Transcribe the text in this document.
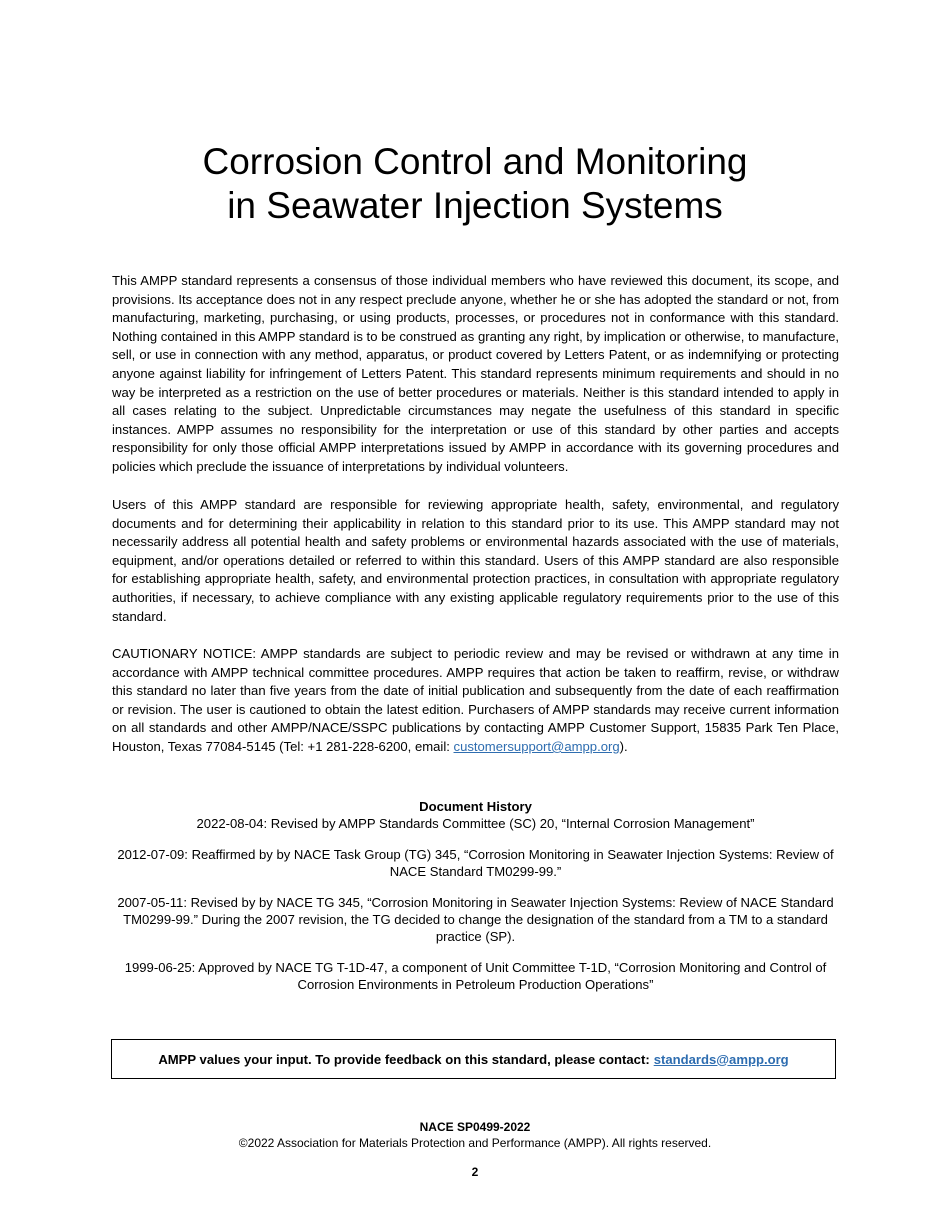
Corrosion Control and Monitoring
in Seawater Injection Systems
This AMPP standard represents a consensus of those individual members who have reviewed this document, its scope, and provisions. Its acceptance does not in any respect preclude anyone, whether he or she has adopted the standard or not, from manufacturing, marketing, purchasing, or using products, processes, or procedures not in conformance with this standard. Nothing contained in this AMPP standard is to be construed as granting any right, by implication or otherwise, to manufacture, sell, or use in connection with any method, apparatus, or product covered by Letters Patent, or as indemnifying or protecting anyone against liability for infringement of Letters Patent. This standard represents minimum requirements and should in no way be interpreted as a restriction on the use of better procedures or materials. Neither is this standard intended to apply in all cases relating to the subject. Unpredictable circumstances may negate the usefulness of this standard in specific instances. AMPP assumes no responsibility for the interpretation or use of this standard by other parties and accepts responsibility for only those official AMPP interpretations issued by AMPP in accordance with its governing procedures and policies which preclude the issuance of interpretations by individual volunteers.
Users of this AMPP standard are responsible for reviewing appropriate health, safety, environmental, and regulatory documents and for determining their applicability in relation to this standard prior to its use. This AMPP standard may not necessarily address all potential health and safety problems or environmental hazards associated with the use of materials, equipment, and/or operations detailed or referred to within this standard. Users of this AMPP standard are also responsible for establishing appropriate health, safety, and environmental protection practices, in consultation with appropriate regulatory authorities, if necessary, to achieve compliance with any existing applicable regulatory requirements prior to the use of this standard.
CAUTIONARY NOTICE: AMPP standards are subject to periodic review and may be revised or withdrawn at any time in accordance with AMPP technical committee procedures. AMPP requires that action be taken to reaffirm, revise, or withdraw this standard no later than five years from the date of initial publication and subsequently from the date of each reaffirmation or revision. The user is cautioned to obtain the latest edition. Purchasers of AMPP standards may receive current information on all standards and other AMPP/NACE/SSPC publications by contacting AMPP Customer Support, 15835 Park Ten Place, Houston, Texas 77084-5145 (Tel: +1 281-228-6200, email: customersupport@ampp.org).
Document History
2022-08-04: Revised by AMPP Standards Committee (SC) 20, “Internal Corrosion Management”
2012-07-09: Reaffirmed by by NACE Task Group (TG) 345, “Corrosion Monitoring in Seawater Injection Systems: Review of NACE Standard TM0299-99.”
2007-05-11: Revised by by NACE TG 345, “Corrosion Monitoring in Seawater Injection Systems: Review of NACE Standard TM0299-99.” During the 2007 revision, the TG decided to change the designation of the standard from a TM to a standard practice (SP).
1999-06-25: Approved by NACE TG T-1D-47, a component of Unit Committee T-1D, “Corrosion Monitoring and Control of Corrosion Environments in Petroleum Production Operations”
AMPP values your input. To provide feedback on this standard, please contact: standards@ampp.org
NACE SP0499-2022
©2022 Association for Materials Protection and Performance (AMPP). All rights reserved.
2
